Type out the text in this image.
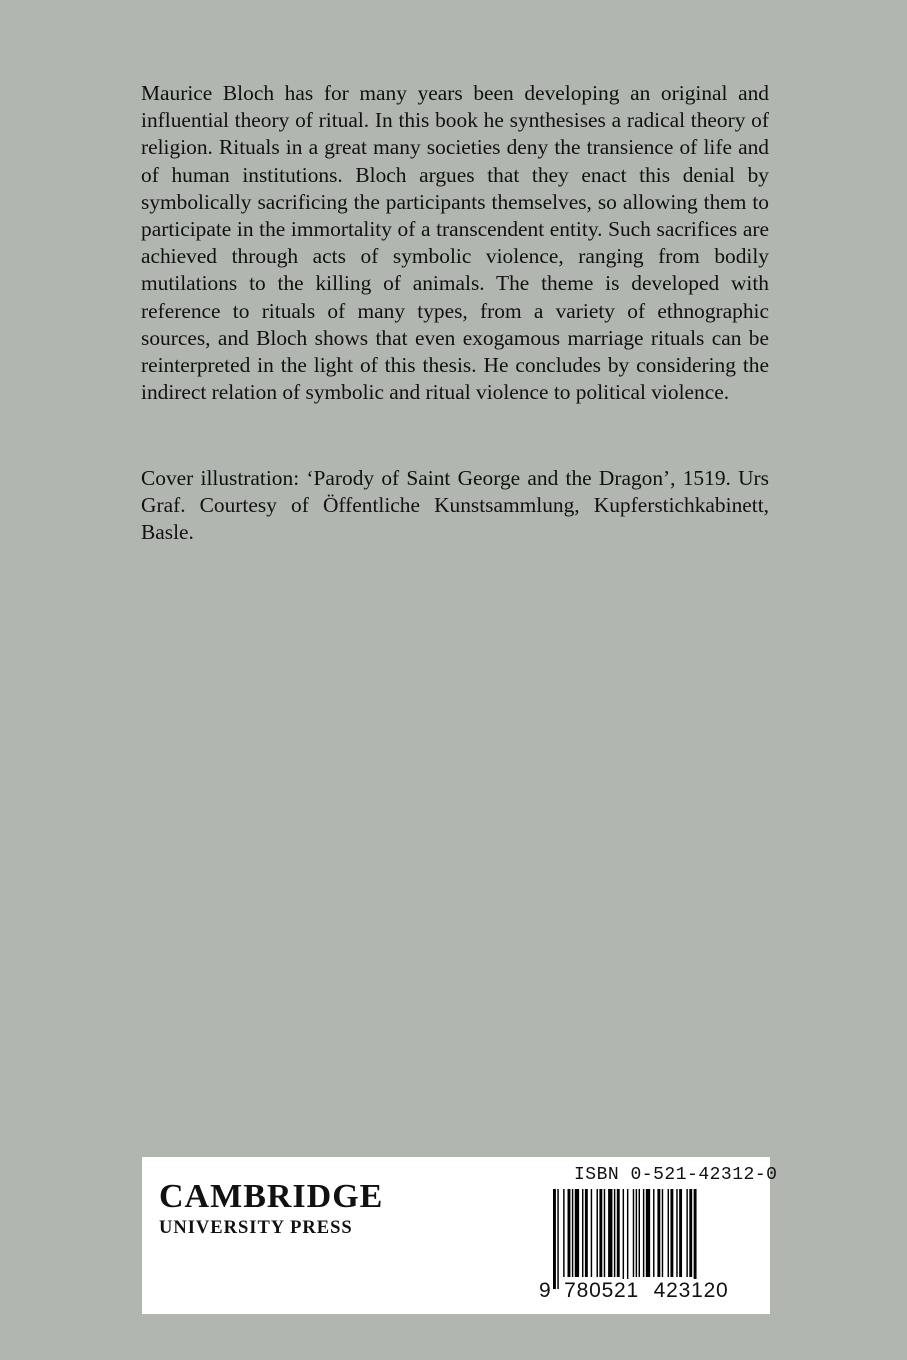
Maurice Bloch has for many years been developing an original and influential theory of ritual. In this book he synthesises a radical theory of religion. Rituals in a great many societies deny the transience of life and of human institutions. Bloch argues that they enact this denial by symbolically sacrificing the participants themselves, so allowing them to participate in the immortality of a transcendent entity. Such sacrifices are achieved through acts of symbolic violence, ranging from bodily mutilations to the killing of animals. The theme is developed with reference to rituals of many types, from a variety of ethnographic sources, and Bloch shows that even exogamous marriage rituals can be reinterpreted in the light of this thesis. He concludes by considering the indirect relation of symbolic and ritual violence to political violence.

Cover illustration: ‘Parody of Saint George and the Dragon’, 1519. Urs Graf. Courtesy of Öffentliche Kunstsammlung, Kupferstichkabinett, Basle.
CAMBRIDGE
UNIVERSITY PRESS
ISBN 0-521-42312-0
9 780521 423120
